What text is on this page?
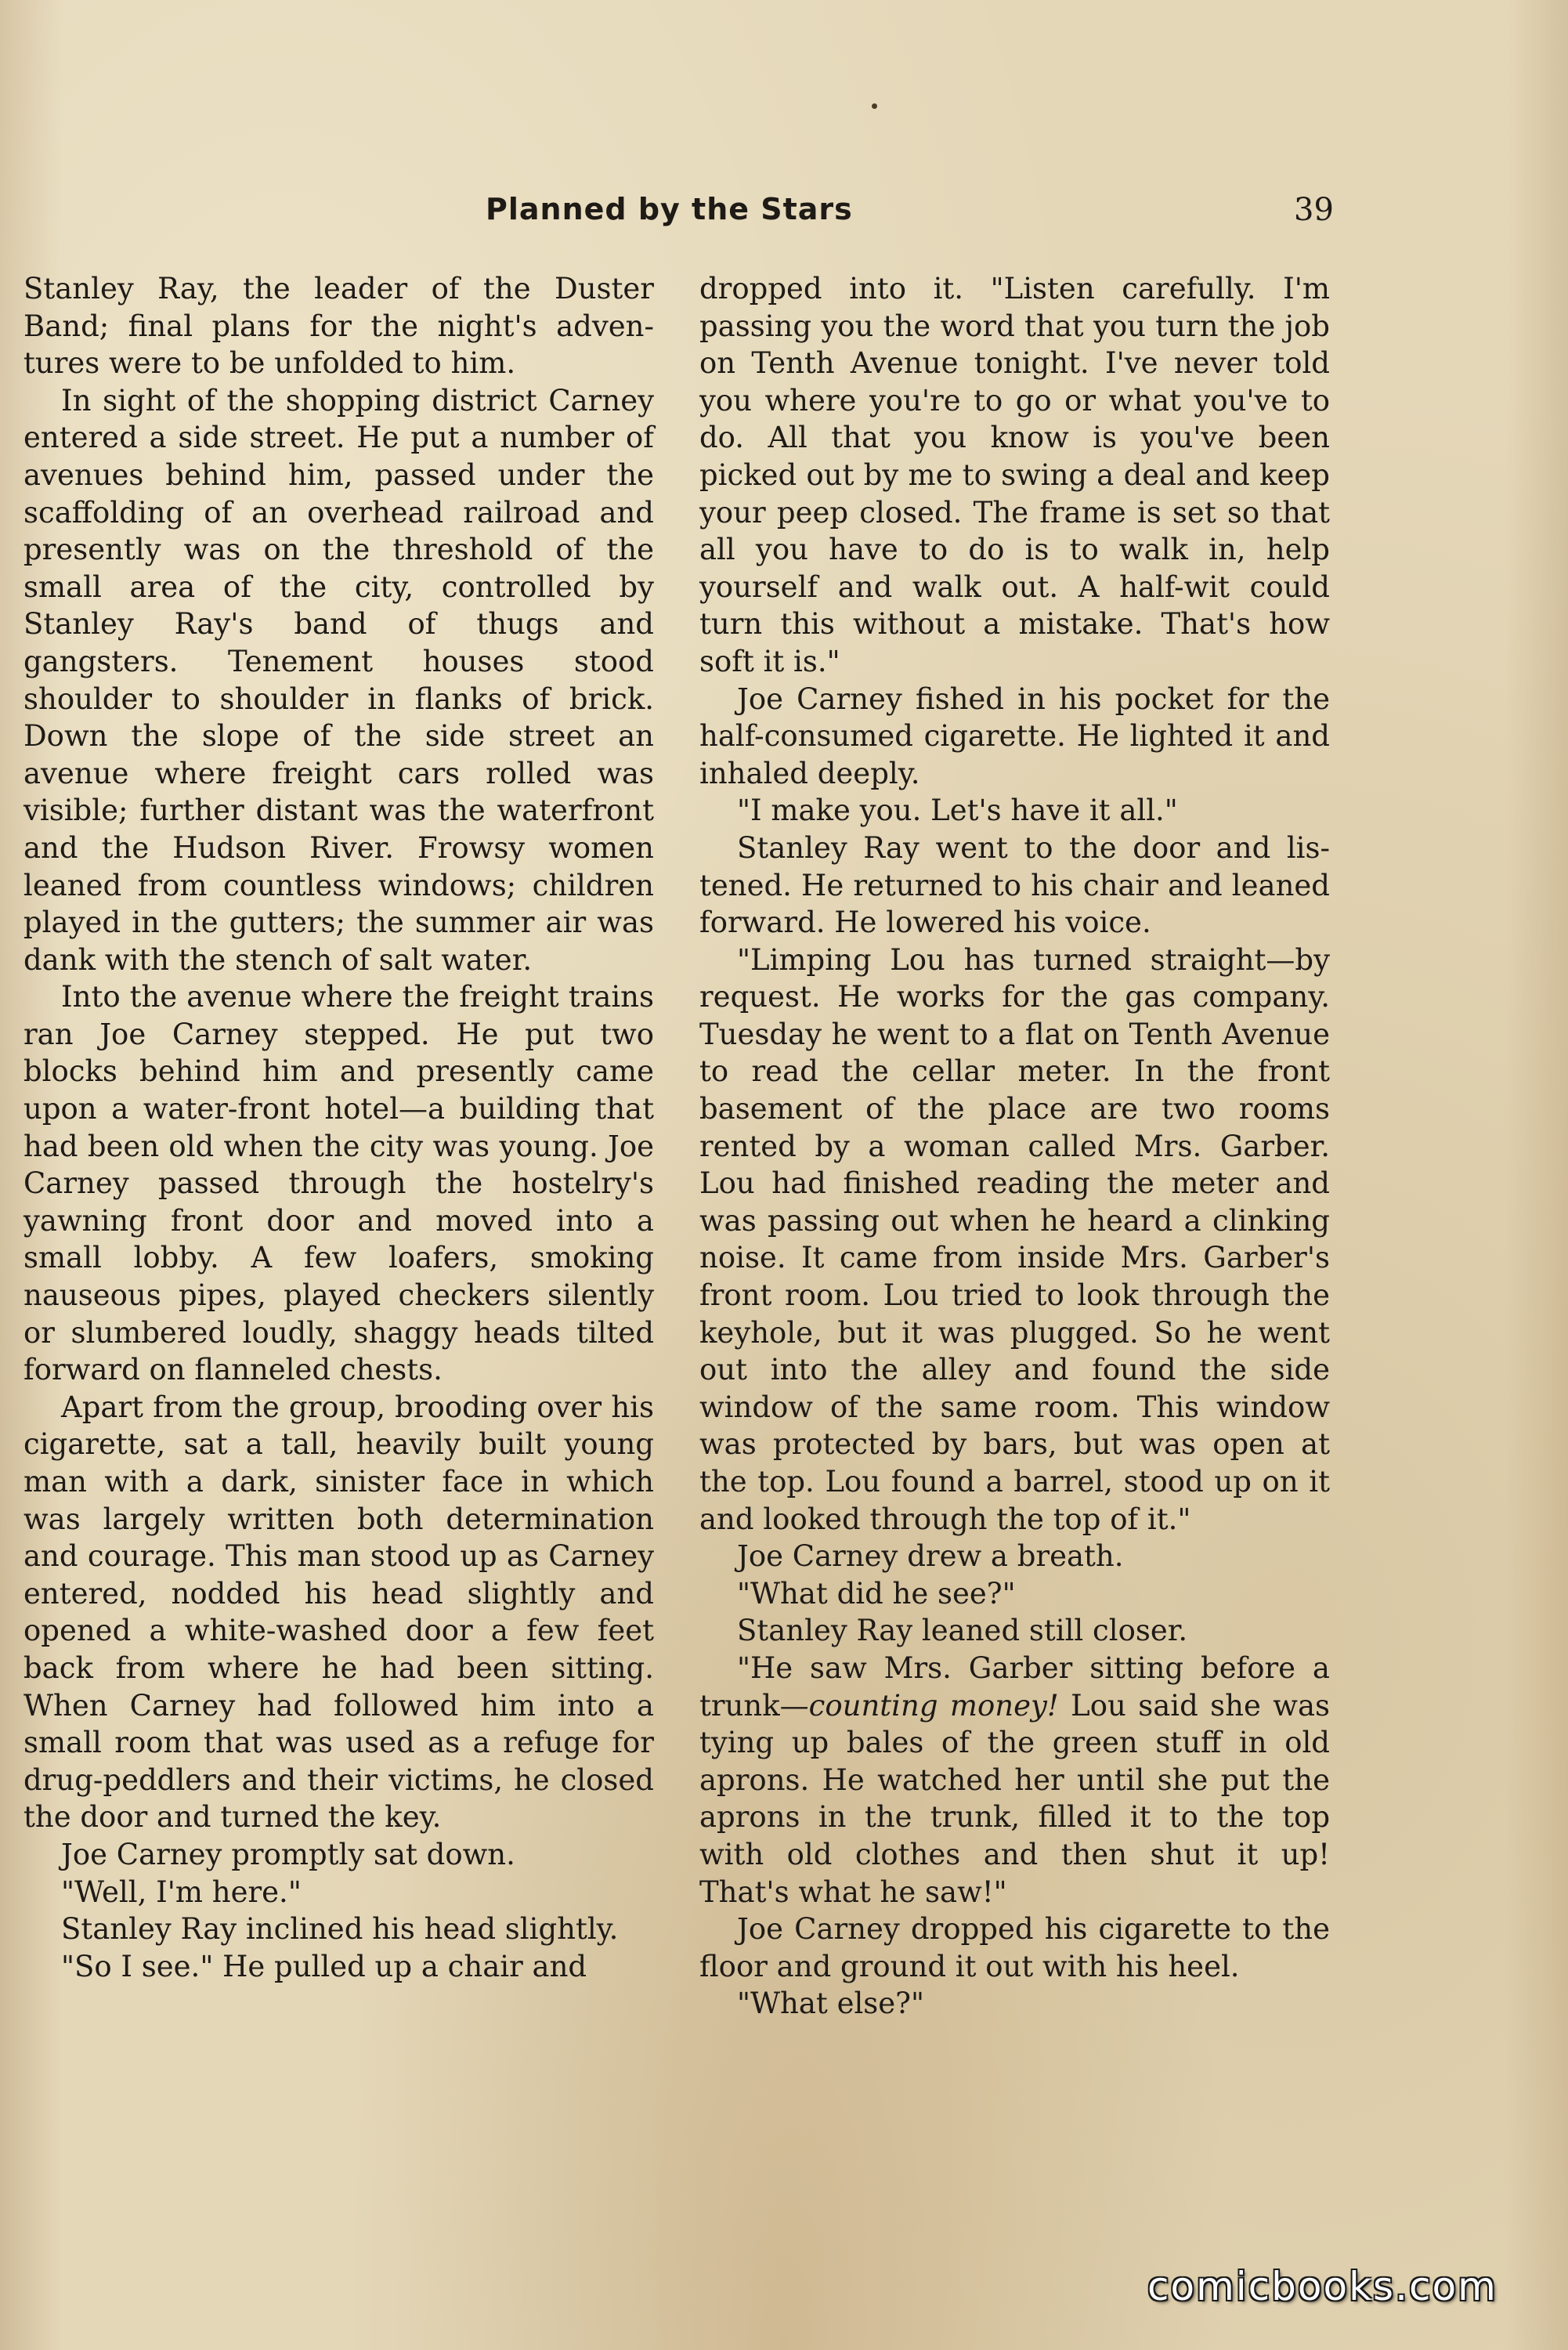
Planned by the Stars	39

Stanley Ray, the leader of the Duster Band; final plans for the night's adventures were to be unfolded to him.

In sight of the shopping district Carney entered a side street. He put a number of avenues behind him, passed under the scaffolding of an overhead railroad and presently was on the threshold of the small area of the city, controlled by Stanley Ray's band of thugs and gangsters. Tenement houses stood shoulder to shoulder in flanks of brick. Down the slope of the side street an avenue where freight cars rolled was visible; further distant was the waterfront and the Hudson River. Frowsy women leaned from countless windows; children played in the gutters; the summer air was dank with the stench of salt water.

Into the avenue where the freight trains ran Joe Carney stepped. He put two blocks behind him and presently came upon a water-front hotel—a building that had been old when the city was young. Joe Carney passed through the hostelry's yawning front door and moved into a small lobby. A few loafers, smoking nauseous pipes, played checkers silently or slumbered loudly, shaggy heads tilted forward on flanneled chests.

Apart from the group, brooding over his cigarette, sat a tall, heavily built young man with a dark, sinister face in which was largely written both determination and courage. This man stood up as Carney entered, nodded his head slightly and opened a white-washed door a few feet back from where he had been sitting. When Carney had followed him into a small room that was used as a refuge for drug-peddlers and their victims, he closed the door and turned the key.

Joe Carney promptly sat down.

"Well, I'm here."

Stanley Ray inclined his head slightly.

"So I see." He pulled up a chair and

dropped into it. "Listen carefully. I'm passing you the word that you turn the job on Tenth Avenue tonight. I've never told you where you're to go or what you've to do. All that you know is you've been picked out by me to swing a deal and keep your peep closed. The frame is set so that all you have to do is to walk in, help yourself and walk out. A half-wit could turn this without a mistake. That's how soft it is."

Joe Carney fished in his pocket for the half-consumed cigarette. He lighted it and inhaled deeply.

"I make you. Let's have it all."

Stanley Ray went to the door and listened. He returned to his chair and leaned forward. He lowered his voice.

"Limping Lou has turned straight—by request. He works for the gas company. Tuesday he went to a flat on Tenth Avenue to read the cellar meter. In the front basement of the place are two rooms rented by a woman called Mrs. Garber. Lou had finished reading the meter and was passing out when he heard a clinking noise. It came from inside Mrs. Garber's front room. Lou tried to look through the keyhole, but it was plugged. So he went out into the alley and found the side window of the same room. This window was protected by bars, but was open at the top. Lou found a barrel, stood up on it and looked through the top of it."

Joe Carney drew a breath.

"What did he see?"

Stanley Ray leaned still closer.

"He saw Mrs. Garber sitting before a trunk—counting money! Lou said she was tying up bales of the green stuff in old aprons. He watched her until she put the aprons in the trunk, filled it to the top with old clothes and then shut it up! That's what he saw!"

Joe Carney dropped his cigarette to the floor and ground it out with his heel.

"What else?"

comicbooks.com
